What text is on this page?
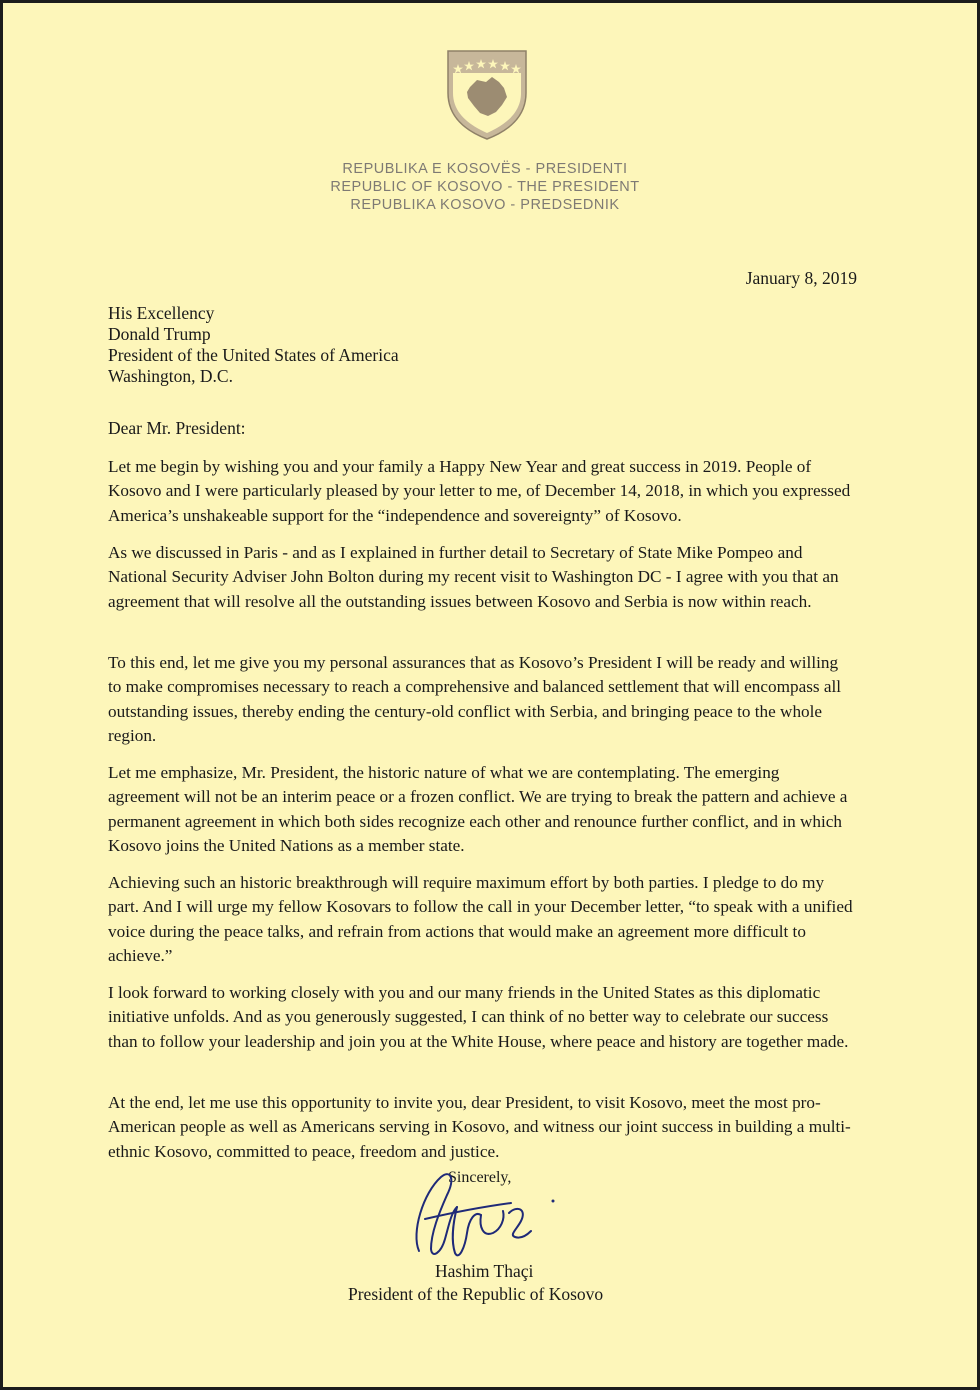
REPUBLIKA E KOSOVËS - PRESIDENTI
REPUBLIC OF KOSOVO - THE PRESIDENT
REPUBLIKA KOSOVO - PREDSEDNIK
January 8, 2019
His Excellency
Donald Trump
President of the United States of America
Washington, D.C.
Dear Mr. President:

Let me begin by wishing you and your family a Happy New Year and great success in 2019. People of Kosovo and I were particularly pleased by your letter to me, of December 14, 2018, in which you expressed America’s unshakeable support for the “independence and sovereignty” of Kosovo.

As we discussed in Paris - and as I explained in further detail to Secretary of State Mike Pompeo and National Security Adviser John Bolton during my recent visit to Washington DC - I agree with you that an agreement that will resolve all the outstanding issues between Kosovo and Serbia is now within reach.

To this end, let me give you my personal assurances that as Kosovo’s President I will be ready and willing to make compromises necessary to reach a comprehensive and balanced settlement that will encompass all outstanding issues, thereby ending the century-old conflict with Serbia, and bringing peace to the whole region.

Let me emphasize, Mr. President, the historic nature of what we are contemplating. The emerging agreement will not be an interim peace or a frozen conflict. We are trying to break the pattern and achieve a permanent agreement in which both sides recognize each other and renounce further conflict, and in which Kosovo joins the United Nations as a member state.

Achieving such an historic breakthrough will require maximum effort by both parties. I pledge to do my part. And I will urge my fellow Kosovars to follow the call in your December letter, “to speak with a unified voice during the peace talks, and refrain from actions that would make an agreement more difficult to achieve.”

I look forward to working closely with you and our many friends in the United States as this diplomatic initiative unfolds. And as you generously suggested, I can think of no better way to celebrate our success than to follow your leadership and join you at the White House, where peace and history are together made.

At the end, let me use this opportunity to invite you, dear President, to visit Kosovo, meet the most pro-American people as well as Americans serving in Kosovo, and witness our joint success in building a multi-ethnic Kosovo, committed to peace, freedom and justice.

Sincerely,
Hashim Thaçi
President of the Republic of Kosovo
